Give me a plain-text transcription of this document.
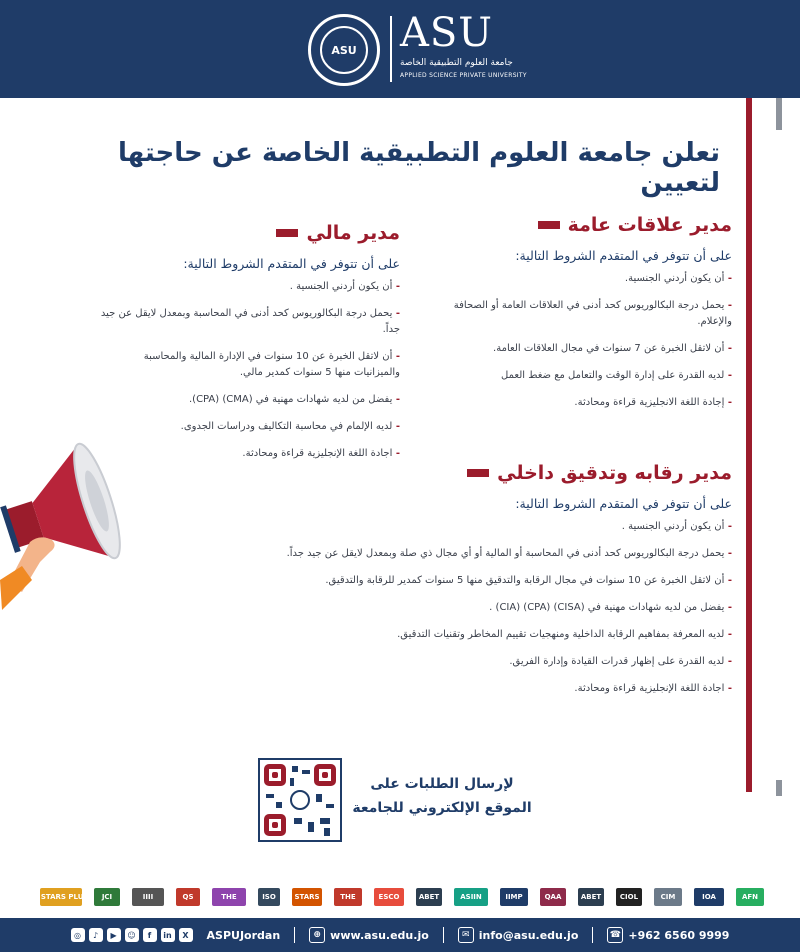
ASU ASU
جامعة العلوم التطبيقية الخاصة
APPLIED SCIENCE PRIVATE UNIVERSITY
تعلن جامعة العلوم التطبيقية الخاصة عن حاجتها لتعيين
مدير علاقات عامة
على أن تتوفر في المتقدم الشروط التالية:
- أن يكون أردني الجنسية.
- يحمل درجة البكالوريوس كحد أدنى في العلاقات العامة أو الصحافة والإعلام.
- أن لاتقل الخبرة عن 7 سنوات في مجال العلاقات العامة.
- لديه القدرة على إدارة الوقت والتعامل مع ضغط العمل
- إجادة اللغة الانجليزية قراءة ومحادثة.
مدير مالي
على أن تتوفر في المتقدم الشروط التالية:
- أن يكون أردني الجنسية .
- يحمل درجة البكالوريوس كحد أدنى في المحاسبة وبمعدل لايقل عن جيد جداً.
- أن لاتقل الخبرة عن 10 سنوات في الإدارة المالية والمحاسبة والميزانيات منها 5 سنوات كمدير مالي.
- يفضل من لديه شهادات مهنية في (CMA) (CPA).
- لديه الإلمام في محاسبة التكاليف ودراسات الجدوى.
- اجادة اللغة الإنجليزية قراءة ومحادثة.
مدير رقابه وتدقيق داخلي
على أن تتوفر في المتقدم الشروط التالية:
- أن يكون أردني الجنسية .
- يحمل درجة البكالوريوس كحد أدنى في المحاسبة أو المالية أو أي مجال ذي صلة وبمعدل لايقل عن جيد جداً.
- أن لاتقل الخبرة عن 10 سنوات في مجال الرقابة والتدقيق منها 5 سنوات كمدير للرقابة والتدقيق.
- يفضل من لديه شهادات مهنية في (CISA) (CPA) (CIA) .
- لديه المعرفة بمفاهيم الرقابة الداخلية ومنهجيات تقييم المخاطر وتقنيات التدقيق.
- لديه القدرة على إظهار قدرات القيادة وإدارة الفريق.
- اجادة اللغة الإنجليزية قراءة ومحادثة.
لإرسال الطلبات على
الموقع الإلكتروني للجامعة
5 STARS PLUS	JCI	IIII	QS	THE	ISO	STARS	THE	ESCO	ABET	ASIIN	IIMP	QAA	ABET	CIOL	CIM	IOA	AFN
◎	♪	▶	☺	f	in	X	ASPUJordan	⊕ www.asu.edu.jo	✉ info@asu.edu.jo	☎ +962 6560 9999
